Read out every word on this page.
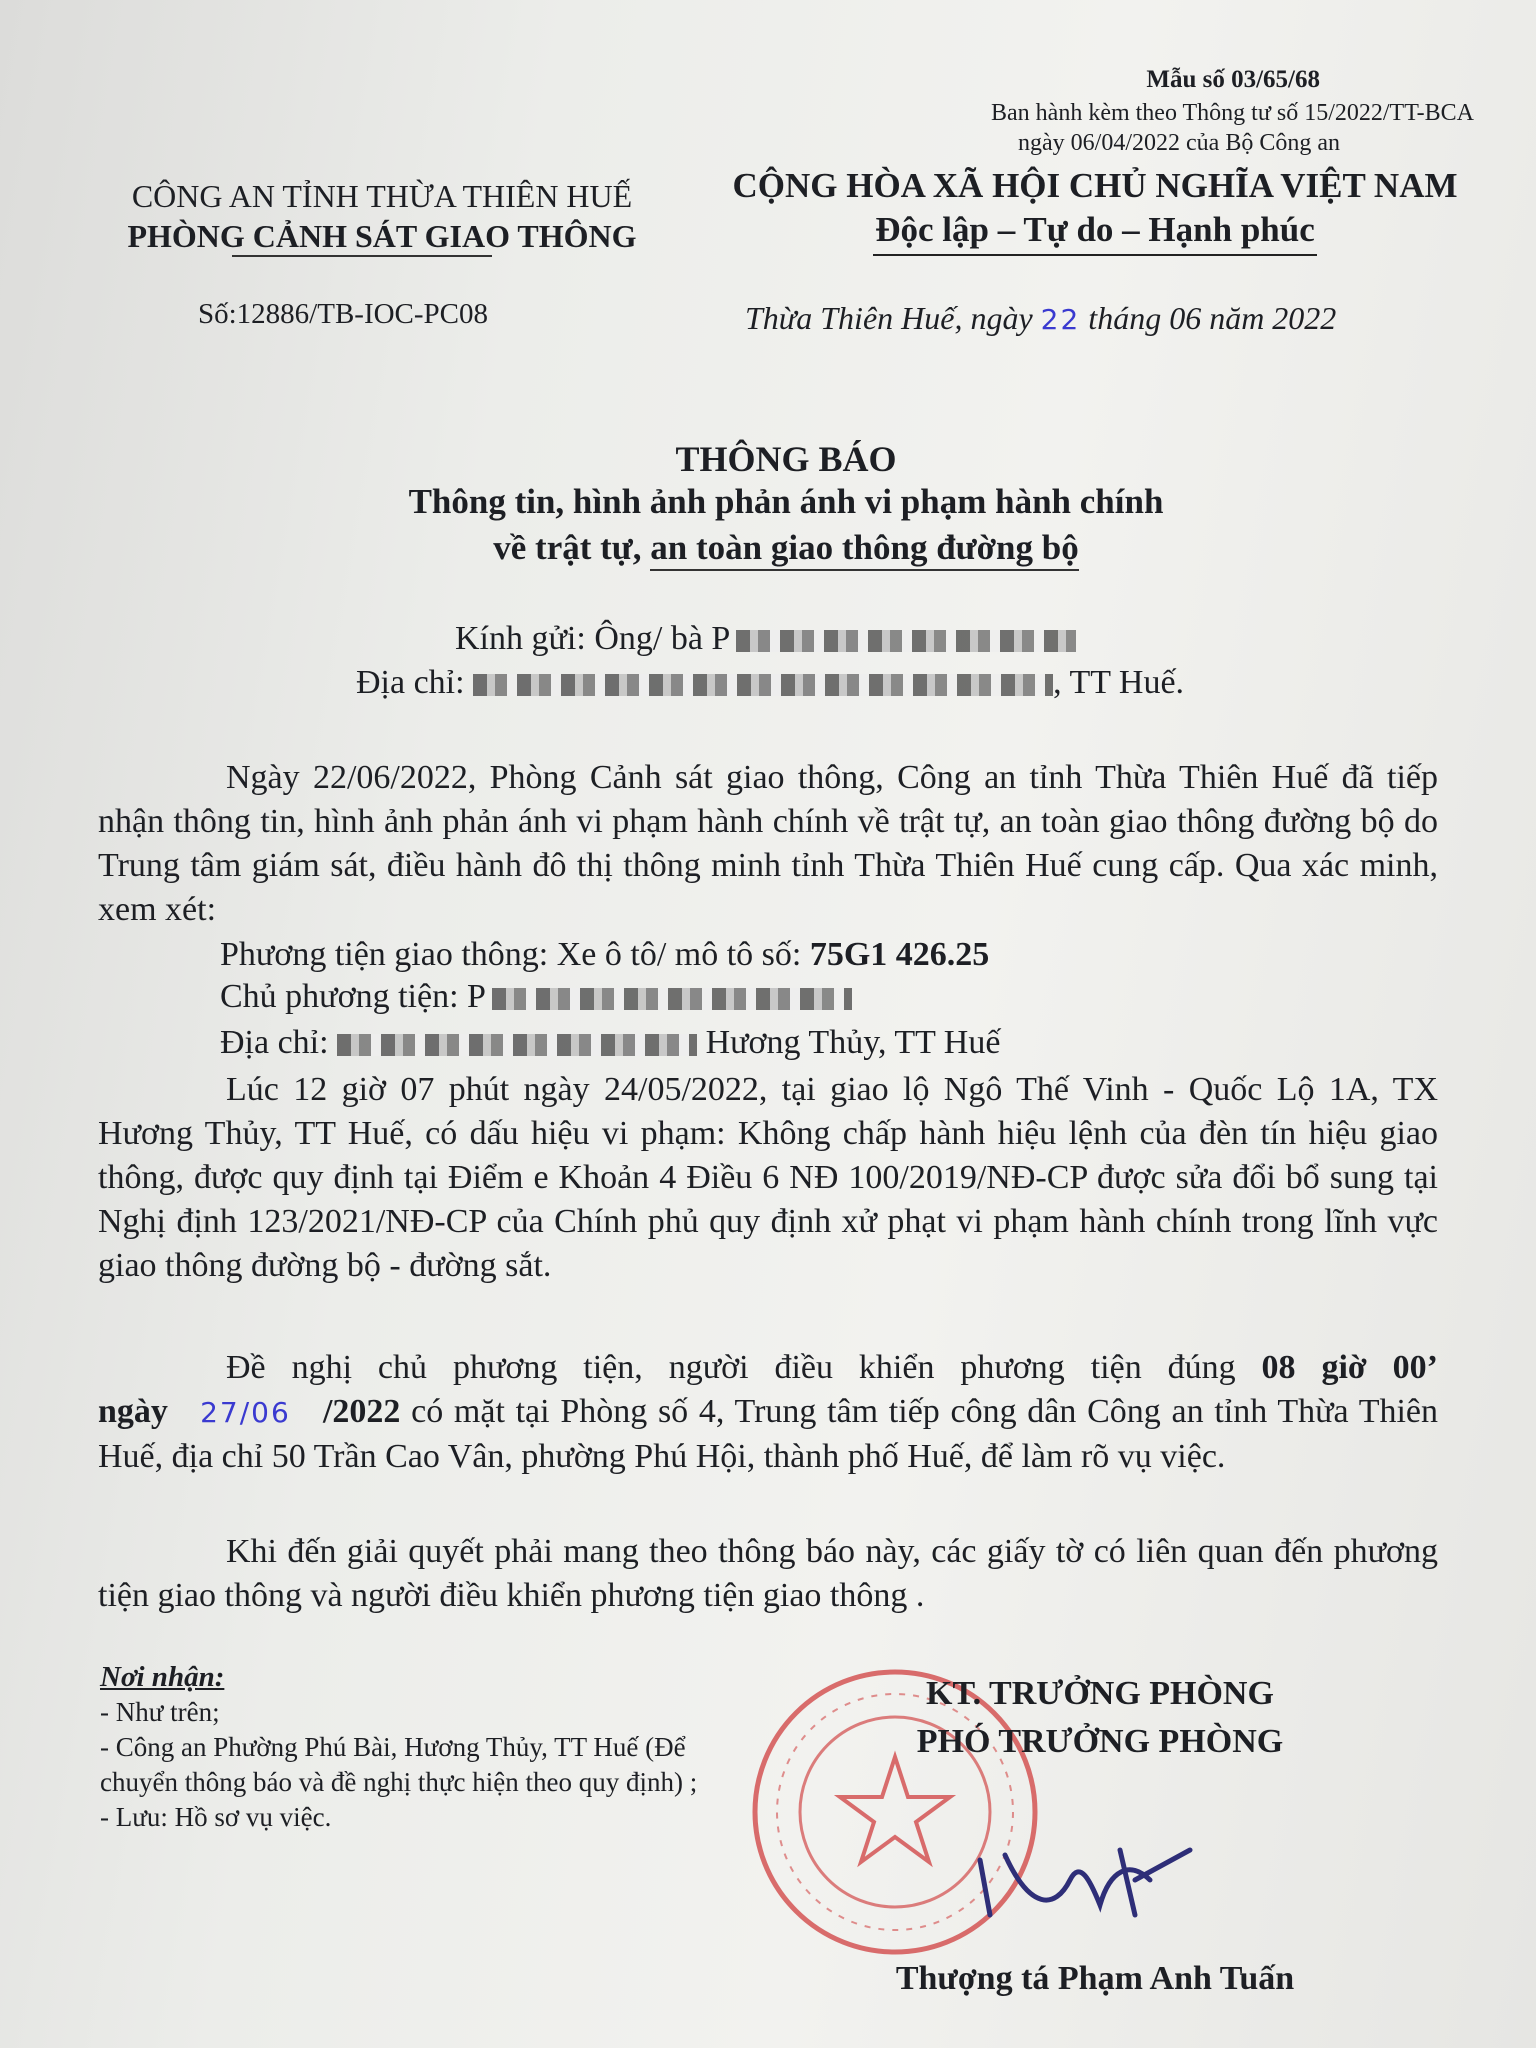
Mẫu số 03/65/68
Ban hành kèm theo Thông tư số 15/2022/TT-BCA
ngày 06/04/2022 của Bộ Công an
CÔNG AN TỈNH THỪA THIÊN HUẾ
PHÒNG CẢNH SÁT GIAO THÔNG
CỘNG HÒA XÃ HỘI CHỦ NGHĨA VIỆT NAM
Độc lập – Tự do – Hạnh phúc
Số:12886/TB-IOC-PC08	Thừa Thiên Huế, ngày 22 tháng 06 năm 2022
THÔNG BÁO
Thông tin, hình ảnh phản ánh vi phạm hành chính
về trật tự, an toàn giao thông đường bộ
Kính gửi: Ông/ bà P
Địa chỉ:	, TT Huế.

Ngày 22/06/2022, Phòng Cảnh sát giao thông, Công an tỉnh Thừa Thiên Huế đã tiếp nhận thông tin, hình ảnh phản ánh vi phạm hành chính về trật tự, an toàn giao thông đường bộ do Trung tâm giám sát, điều hành đô thị thông minh tỉnh Thừa Thiên Huế cung cấp. Qua xác minh, xem xét:

Phương tiện giao thông: Xe ô tô/ mô tô số: 75G1 426.25
Chủ phương tiện: P
Địa chỉ:	Hương Thủy, TT Huế

Lúc 12 giờ 07 phút ngày 24/05/2022, tại giao lộ Ngô Thế Vinh - Quốc Lộ 1A, TX Hương Thủy, TT Huế, có dấu hiệu vi phạm: Không chấp hành hiệu lệnh của đèn tín hiệu giao thông, được quy định tại Điểm e Khoản 4 Điều 6 NĐ 100/2019/NĐ-CP được sửa đổi bổ sung tại Nghị định 123/2021/NĐ-CP của Chính phủ quy định xử phạt vi phạm hành chính trong lĩnh vực giao thông đường bộ - đường sắt.

Đề nghị chủ phương tiện, người điều khiển phương tiện đúng 08 giờ 00’ ngày 27/06 /2022 có mặt tại Phòng số 4, Trung tâm tiếp công dân Công an tỉnh Thừa Thiên Huế, địa chỉ 50 Trần Cao Vân, phường Phú Hội, thành phố Huế, để làm rõ vụ việc.

Khi đến giải quyết phải mang theo thông báo này, các giấy tờ có liên quan đến phương tiện giao thông và người điều khiển phương tiện giao thông .

Nơi nhận:
- Như trên;
- Công an Phường Phú Bài, Hương Thủy, TT Huế (Để chuyển thông báo và đề nghị thực hiện theo quy định) ;
- Lưu: Hồ sơ vụ việc.
KT. TRƯỞNG PHÒNG
PHÓ TRƯỞNG PHÒNG
Thượng tá Phạm Anh Tuấn
